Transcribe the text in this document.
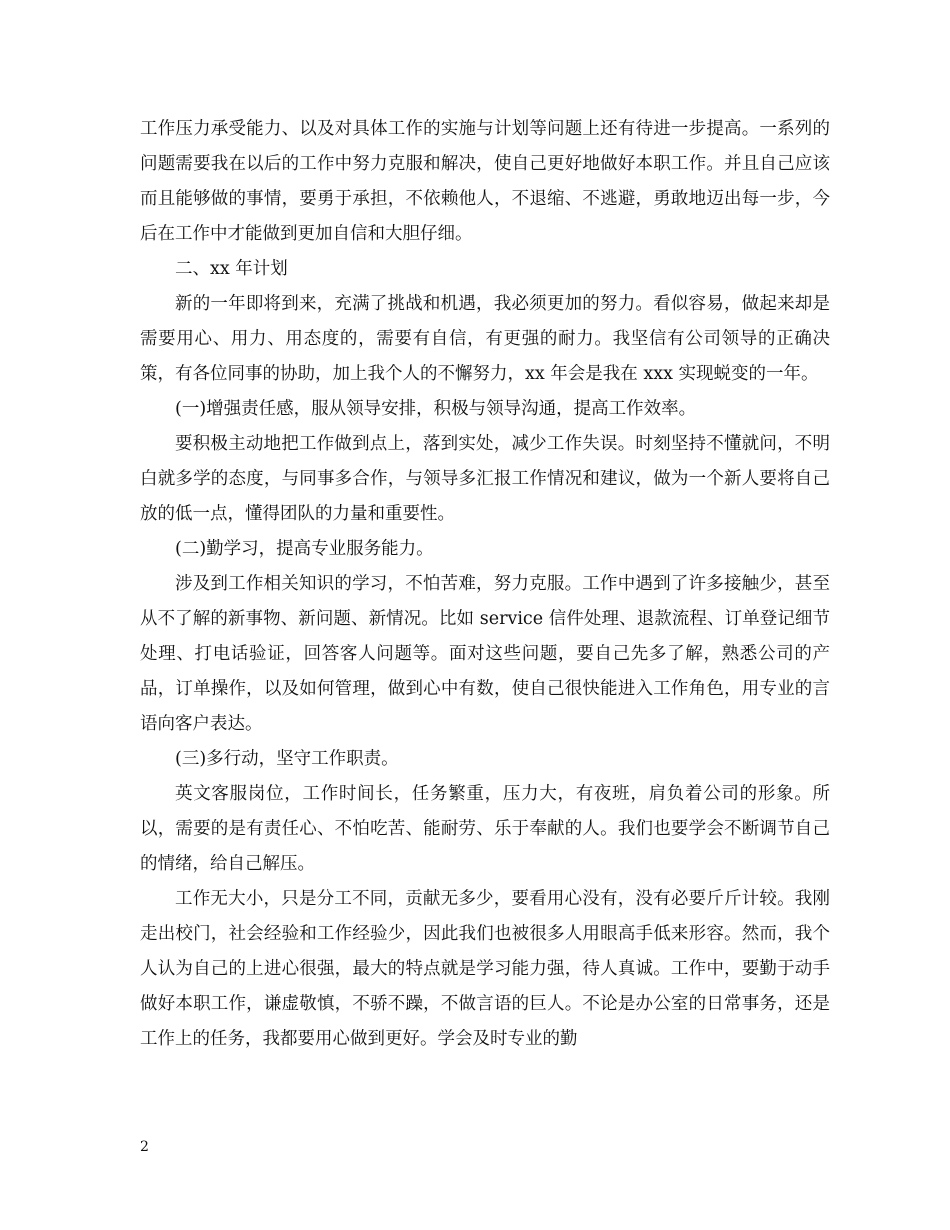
工作压力承受能力、以及对具体工作的实施与计划等问题上还有待进一步提高。一系列的问题需要我在以后的工作中努力克服和解决，使自己更好地做好本职工作。并且自己应该而且能够做的事情，要勇于承担，不依赖他人，不退缩、不逃避，勇敢地迈出每一步，今后在工作中才能做到更加自信和大胆仔细。

二、xx 年计划

新的一年即将到来，充满了挑战和机遇，我必须更加的努力。看似容易，做起来却是需要用心、用力、用态度的，需要有自信，有更强的耐力。我坚信有公司领导的正确决策，有各位同事的协助，加上我个人的不懈努力，xx 年会是我在 xxx 实现蜕变的一年。

(一)增强责任感，服从领导安排，积极与领导沟通，提高工作效率。

要积极主动地把工作做到点上，落到实处，减少工作失误。时刻坚持不懂就问，不明白就多学的态度，与同事多合作，与领导多汇报工作情况和建议，做为一个新人要将自己放的低一点，懂得团队的力量和重要性。

(二)勤学习，提高专业服务能力。

涉及到工作相关知识的学习，不怕苦难，努力克服。工作中遇到了许多接触少，甚至从不了解的新事物、新问题、新情况。比如 service 信件处理、退款流程、订单登记细节处理、打电话验证，回答客人问题等。面对这些问题，要自己先多了解，熟悉公司的产品，订单操作，以及如何管理，做到心中有数，使自己很快能进入工作角色，用专业的言语向客户表达。

(三)多行动，坚守工作职责。

英文客服岗位，工作时间长，任务繁重，压力大，有夜班，肩负着公司的形象。所以，需要的是有责任心、不怕吃苦、能耐劳、乐于奉献的人。我们也要学会不断调节自己的情绪，给自己解压。

工作无大小，只是分工不同，贡献无多少，要看用心没有，没有必要斤斤计较。我刚走出校门，社会经验和工作经验少，因此我们也被很多人用眼高手低来形容。然而，我个人认为自己的上进心很强，最大的特点就是学习能力强，待人真诚。工作中，要勤于动手做好本职工作，谦虚敬慎，不骄不躁，不做言语的巨人。不论是办公室的日常事务，还是工作上的任务，我都要用心做到更好。学会及时专业的勤

2
